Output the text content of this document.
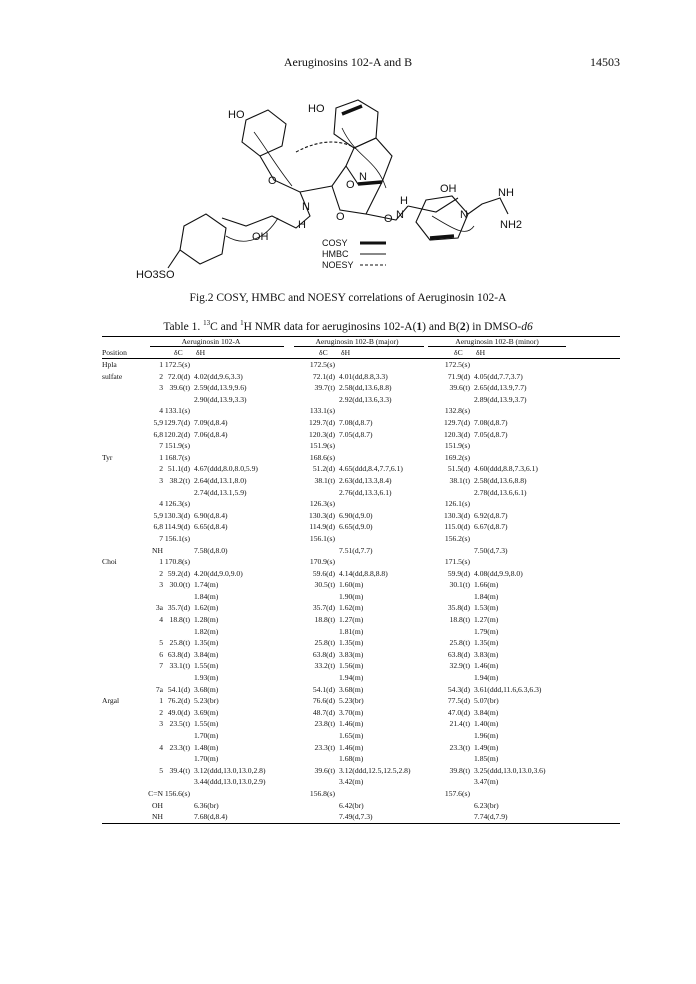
Aeruginosins 102-A and B	14503
HO	HO
O	O
O
N
N
H
N
H
O
OH	NH
N
NH2
OH
HO3SO
COSY
HMBC
NOESY
Fig.2 COSY, HMBC and NOESY correlations of Aeruginosin 102-A
Table 1. $^{13}$C and $^1$H NMR data for aeruginosins 102-A(1) and B(2) in DMSO-d6
Aeruginosin 102-A	Aeruginosin 102-B (major)	Aeruginosin 102-B (minor)
Position	δC δH	δC δH	δC δH
Hpla	1 172.5(s)	172.5(s)	172.5(s)
sulfate	2 72.0(d) 4.02(dd,9.6,3.3)	72.1(d) 4.01(dd,8.8,3.3)	71.9(d) 4.05(dd,7.7,3.7)
3 39.6(t) 2.59(dd,13.9,9.6)	39.7(t) 2.58(dd,13.6,8.8)	39.6(t) 2.65(dd,13.9,7.7)
2.90(dd,13.9,3.3)	2.92(dd,13.6,3.3)	2.89(dd,13.9,3.7)
4 133.1(s)	133.1(s)	132.8(s)
5,9 129.7(d) 7.09(d,8.4)	129.7(d) 7.08(d,8.7)	129.7(d) 7.08(d,8.7)
6,8 120.2(d) 7.06(d,8.4)	120.3(d) 7.05(d,8.7)	120.3(d) 7.05(d,8.7)
7 151.9(s)	151.9(s)	151.9(s)
Tyr	1 168.7(s)	168.6(s)	169.2(s)
2 51.1(d) 4.67(ddd,8.0,8.0,5.9)	51.2(d) 4.65(ddd,8.4,7.7,6.1)	51.5(d) 4.60(ddd,8.8,7.3,6.1)
3 38.2(t) 2.64(dd,13.1,8.0)	38.1(t) 2.63(dd,13.3,8.4)	38.1(t) 2.58(dd,13.6,8.8)
2.74(dd,13.1,5.9)	2.76(dd,13.3,6.1)	2.78(dd,13.6,6.1)
4 126.3(s)	126.3(s)	126.1(s)
5,9 130.3(d) 6.90(d,8.4)	130.3(d) 6.90(d,9.0)	130.3(d) 6.92(d,8.7)
6,8 114.9(d) 6.65(d,8.4)	114.9(d) 6.65(d,9.0)	115.0(d) 6.67(d,8.7)
7 156.1(s)	156.1(s)	156.2(s)
NH	7.58(d,8.0)	7.51(d,7.7)	7.50(d,7.3)
Choi	1 170.8(s)	170.9(s)	171.5(s)
2 59.2(d) 4.20(dd,9.0,9.0)	59.6(d) 4.14(dd,8.8,8.8)	59.9(d) 4.08(dd,9.9,8.0)
3 30.0(t) 1.74(m)	30.5(t) 1.60(m)	30.1(t) 1.66(m)
1.84(m)	1.90(m)	1.84(m)
3a 35.7(d) 1.62(m)	35.7(d) 1.62(m)	35.8(d) 1.53(m)
4 18.8(t) 1.28(m)	18.8(t) 1.27(m)	18.8(t) 1.27(m)
1.82(m)	1.81(m)	1.79(m)
5 25.8(t) 1.35(m)	25.8(t) 1.35(m)	25.8(t) 1.35(m)
6 63.8(d) 3.84(m)	63.8(d) 3.83(m)	63.8(d) 3.83(m)
7 33.1(t) 1.55(m)	33.2(t) 1.56(m)	32.9(t) 1.46(m)
1.93(m)	1.94(m)	1.94(m)
7a 54.1(d) 3.68(m)	54.1(d) 3.68(m)	54.3(d) 3.61(ddd,11.6,6.3,6.3)
Argal	1 76.2(d) 5.23(br)	76.6(d) 5.23(br)	77.5(d) 5.07(br)
2 49.0(d) 3.69(m)	48.7(d) 3.70(m)	47.0(d) 3.84(m)
3 23.5(t) 1.55(m)	23.8(t) 1.46(m)	21.4(t) 1.40(m)
1.70(m)	1.65(m)	1.96(m)
4 23.3(t) 1.48(m)	23.3(t) 1.46(m)	23.3(t) 1.49(m)
1.70(m)	1.68(m)	1.85(m)
5 39.4(t) 3.12(ddd,13.0,13.0,2.8)	39.6(t) 3.12(ddd,12.5,12.5,2.8)	39.8(t) 3.25(ddd,13.0,13.0,3.6)
3.44(ddd,13.0,13.0,2.9)	3.42(m)	3.47(m)
C=N 156.6(s)	156.8(s)	157.6(s)
OH	6.36(br)	6.42(br)	6.23(br)
NH	7.68(d,8.4)	7.49(d,7.3)	7.74(d,7.9)
